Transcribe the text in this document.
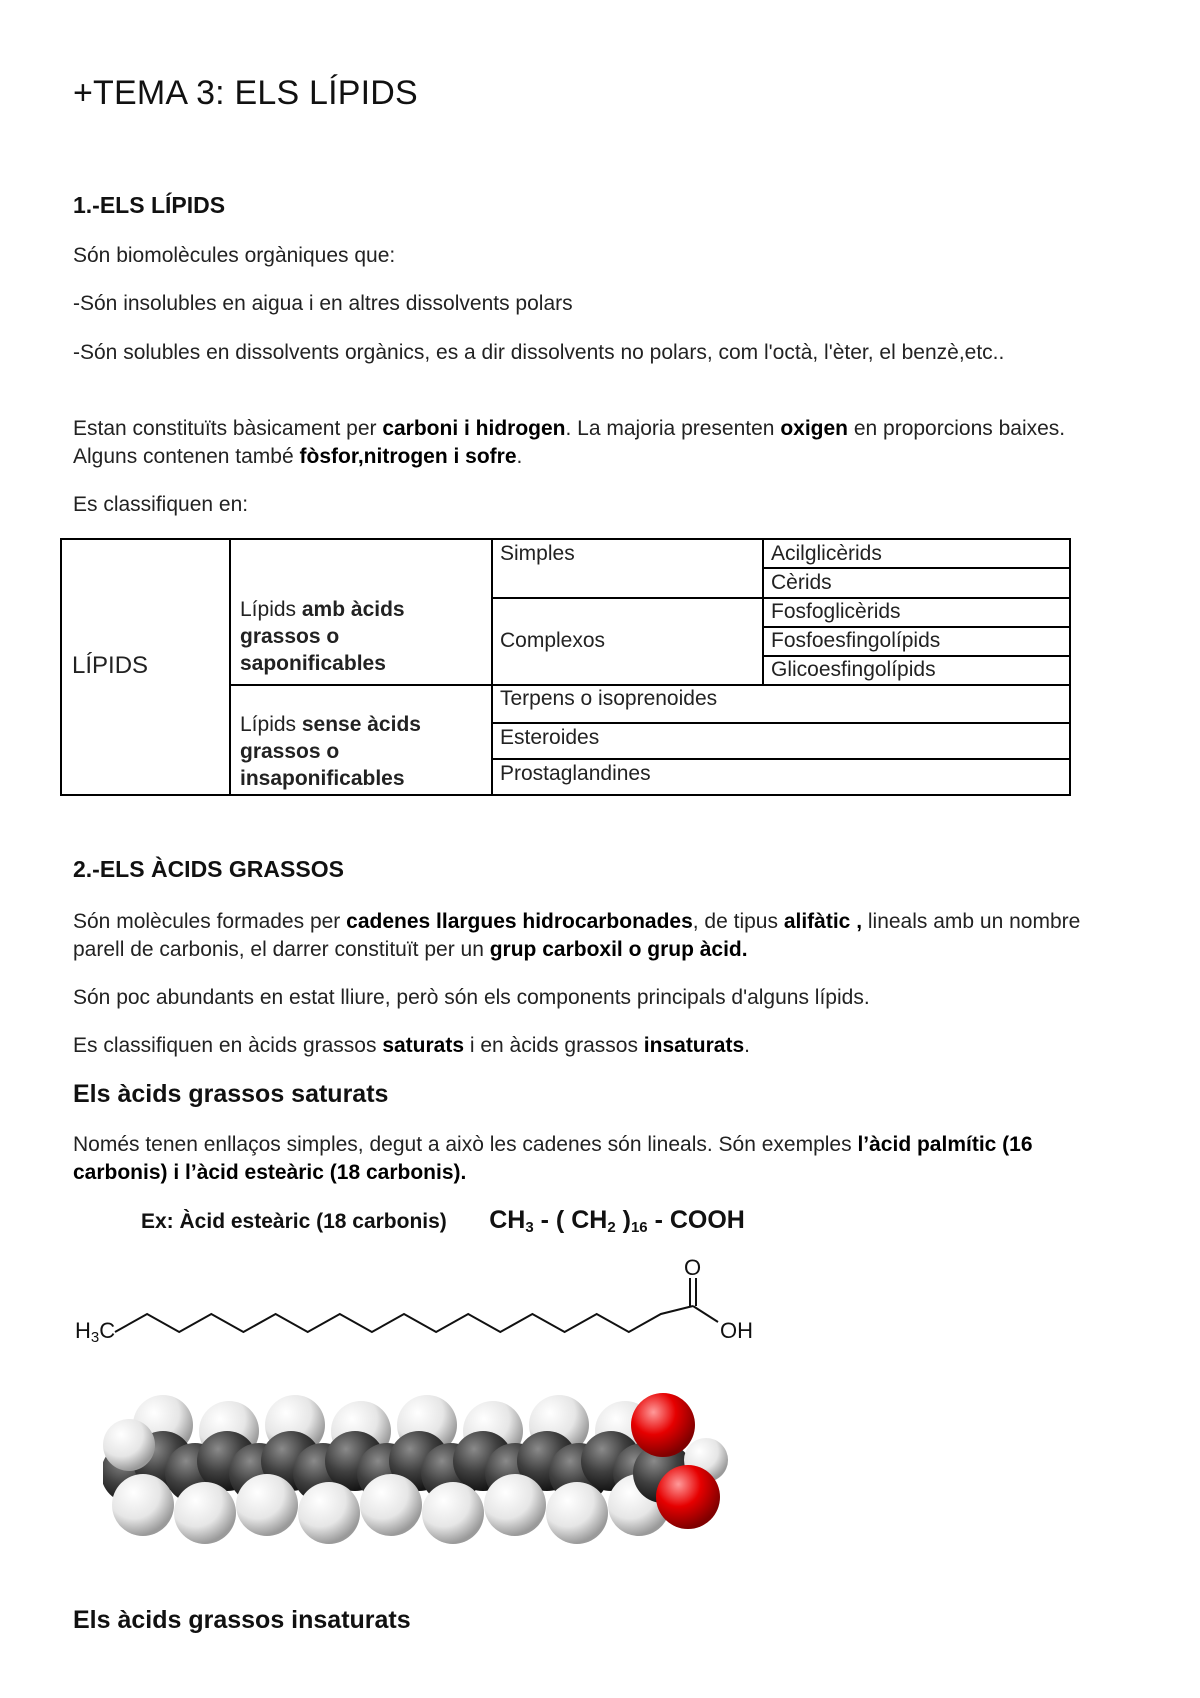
+TEMA 3: ELS LÍPIDS
1.-ELS LÍPIDS

Són biomolècules orgàniques que:

-Són insolubles en aigua i en altres dissolvents polars

-Són solubles en dissolvents orgànics, es a dir dissolvents no polars, com l'octà, l'èter, el benzè,etc..

Estan constituïts bàsicament per carboni i hidrogen. La majoria presenten oxigen en proporcions baixes. Alguns contenen també fòsfor,nitrogen i sofre.

Es classifiquen en:

LÍPIDS
Lípids amb àcids grassos o saponificables
Lípids sense àcids grassos o insaponificables
Simples
Complexos
Acilglicèrids
Cèrids
Fosfoglicèrids
Fosfoesfingolípids
Glicoesfingolípids
Terpens o isoprenoides
Esteroides
Prostaglandines
2.-ELS ÀCIDS GRASSOS

Són molècules formades per cadenes llargues hidrocarbonades, de tipus alifàtic , lineals amb un nombre parell de carbonis, el darrer constituït per un grup carboxil o grup àcid.

Són poc abundants en estat lliure, però són els components principals d'alguns lípids.

Es classifiquen en àcids grassos saturats i en àcids grassos insaturats.

Els àcids grassos saturats

Només tenen enllaços simples, degut a això les cadenes són lineals. Són exemples l’àcid palmític (16 carbonis) i l’àcid esteàric (18 carbonis).

Ex: Àcid esteàric (18 carbonis) $CH_3$ - ( $CH_2$ )$_{16}$ - COOH
H3C
O
OH
Els àcids grassos insaturats
